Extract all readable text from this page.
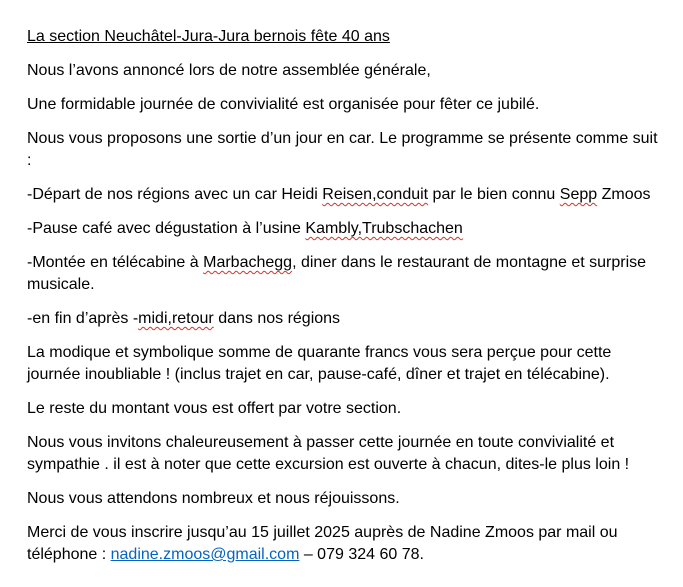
La section Neuchâtel-Jura-Jura bernois fête 40 ans

Nous l’avons annoncé lors de notre assemblée générale,

Une formidable journée de convivialité est organisée pour fêter ce jubilé.

Nous vous proposons une sortie d’un jour en car. Le programme se présente comme suit :

-Départ de nos régions avec un car Heidi Reisen,conduit par le bien connu Sepp Zmoos

-Pause café avec dégustation à l’usine Kambly,Trubschachen

-Montée en télécabine à Marbachegg, diner dans le restaurant de montagne et surprise musicale.

-en fin d’après -midi,retour dans nos régions

La modique et symbolique somme de quarante francs vous sera perçue pour cette journée inoubliable ! (inclus trajet en car, pause-café, dîner et trajet en télécabine).

Le reste du montant vous est offert par votre section.

Nous vous invitons chaleureusement à passer cette journée en toute convivialité et sympathie . il est à noter que cette excursion est ouverte à chacun, dites-le plus loin !

Nous vous attendons nombreux et nous réjouissons.

Merci de vous inscrire jusqu’au 15 juillet 2025 auprès de Nadine Zmoos par mail ou téléphone : nadine.zmoos@gmail.com – 079 324 60 78.
